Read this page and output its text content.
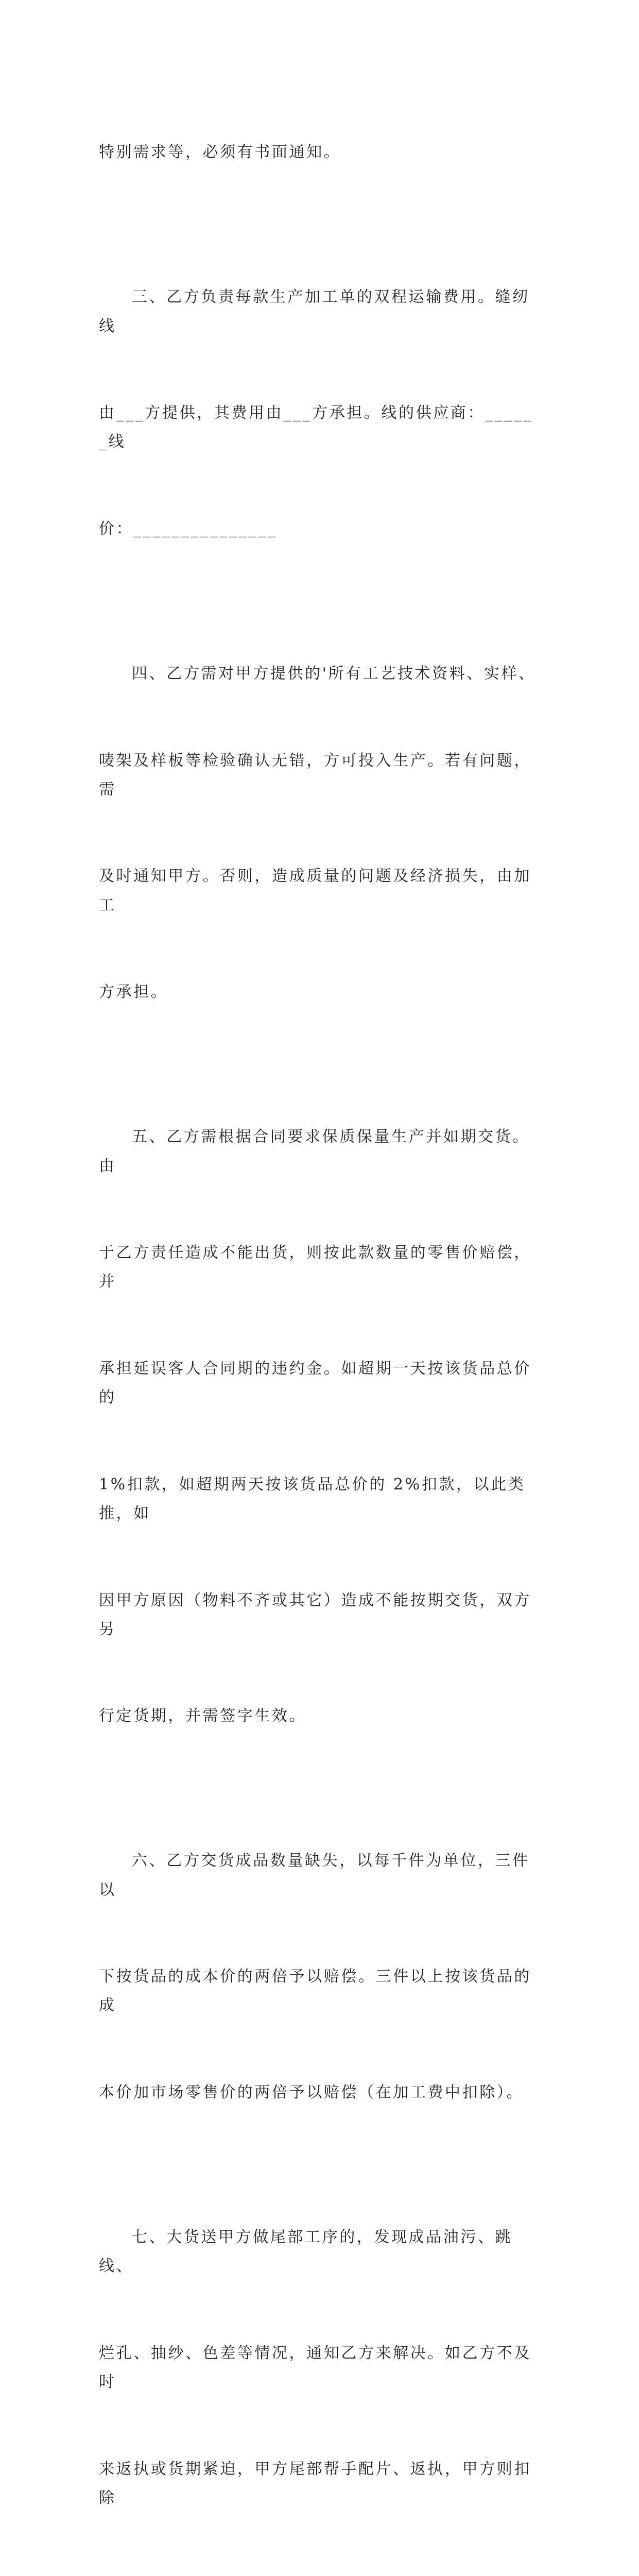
特别需求等，必须有书面通知。

三、乙方负责每款生产加工单的双程运输费用。缝纫线

由___方提供，其费用由___方承担。线的供应商：______线

价：_______________

四、乙方需对甲方提供的'所有工艺技术资料、实样、

唛架及样板等检验确认无错，方可投入生产。若有问题，需

及时通知甲方。否则，造成质量的问题及经济损失，由加工

方承担。

五、乙方需根据合同要求保质保量生产并如期交货。由

于乙方责任造成不能出货，则按此款数量的零售价赔偿，并

承担延误客人合同期的违约金。如超期一天按该货品总价的

1%扣款，如超期两天按该货品总价的 2%扣款，以此类推，如

因甲方原因（物料不齐或其它）造成不能按期交货，双方另

行定货期，并需签字生效。

六、乙方交货成品数量缺失，以每千件为单位，三件以

下按货品的成本价的两倍予以赔偿。三件以上按该货品的成

本价加市场零售价的两倍予以赔偿（在加工费中扣除）。

七、大货送甲方做尾部工序的，发现成品油污、跳线、

烂孔、抽纱、色差等情况，通知乙方来解决。如乙方不及时

来返执或货期紧迫，甲方尾部帮手配片、返执，甲方则扣除
